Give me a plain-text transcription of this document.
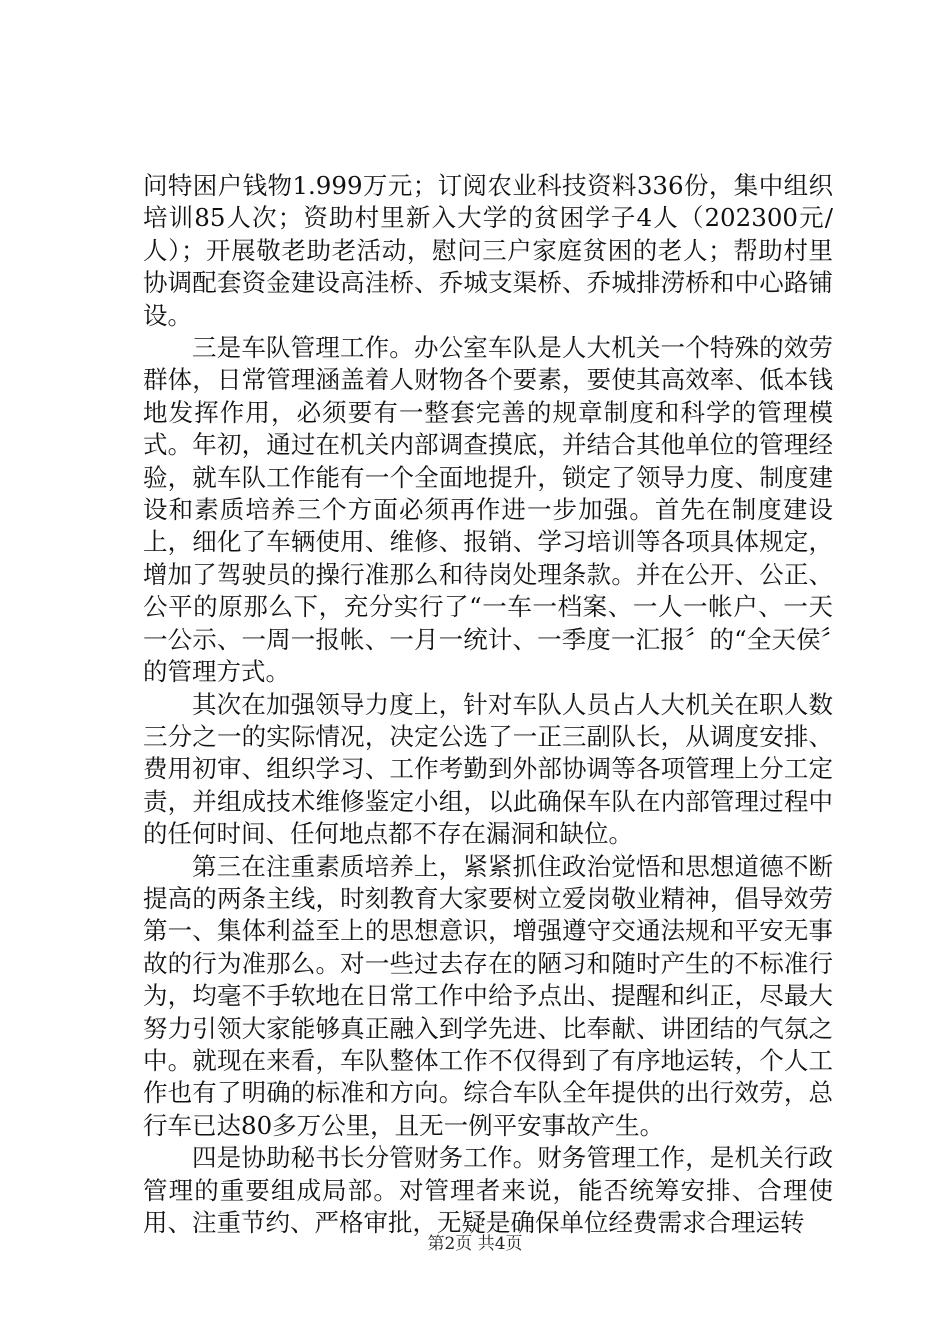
问特困户钱物1.999万元；订阅农业科技资料336份，集中组织培训85人次；资助村里新入大学的贫困学子4人（202300元/人）；开展敬老助老活动，慰问三户家庭贫困的老人；帮助村里协调配套资金建设高洼桥、乔城支渠桥、乔城排涝桥和中心路铺设。

三是车队管理工作。办公室车队是人大机关一个特殊的效劳群体，日常管理涵盖着人财物各个要素，要使其高效率、低本钱地发挥作用，必须要有一整套完善的规章制度和科学的管理模式。年初，通过在机关内部调查摸底，并结合其他单位的管理经验，就车队工作能有一个全面地提升，锁定了领导力度、制度建设和素质培养三个方面必须再作进一步加强。首先在制度建设上，细化了车辆使用、维修、报销、学习培训等各项具体规定，增加了驾驶员的操行准那么和待岗处理条款。并在公开、公正、公平的原那么下，充分实行了“一车一档案、一人一帐户、一天一公示、一周一报帐、一月一统计、一季度一汇报〞的“全天侯〞的管理方式。

其次在加强领导力度上，针对车队人员占人大机关在职人数三分之一的实际情况，决定公选了一正三副队长，从调度安排、费用初审、组织学习、工作考勤到外部协调等各项管理上分工定责，并组成技术维修鉴定小组，以此确保车队在内部管理过程中的任何时间、任何地点都不存在漏洞和缺位。

第三在注重素质培养上，紧紧抓住政治觉悟和思想道德不断提高的两条主线，时刻教育大家要树立爱岗敬业精神，倡导效劳第一、集体利益至上的思想意识，增强遵守交通法规和平安无事故的行为准那么。对一些过去存在的陋习和随时产生的不标准行为，均毫不手软地在日常工作中给予点出、提醒和纠正，尽最大努力引领大家能够真正融入到学先进、比奉献、讲团结的气氛之中。就现在来看，车队整体工作不仅得到了有序地运转，个人工作也有了明确的标准和方向。综合车队全年提供的出行效劳，总行车已达80多万公里，且无一例平安事故产生。

四是协助秘书长分管财务工作。财务管理工作，是机关行政管理的重要组成局部。对管理者来说，能否统筹安排、合理使用、注重节约、严格审批，无疑是确保单位经费需求合理运转

第2页 共4页
